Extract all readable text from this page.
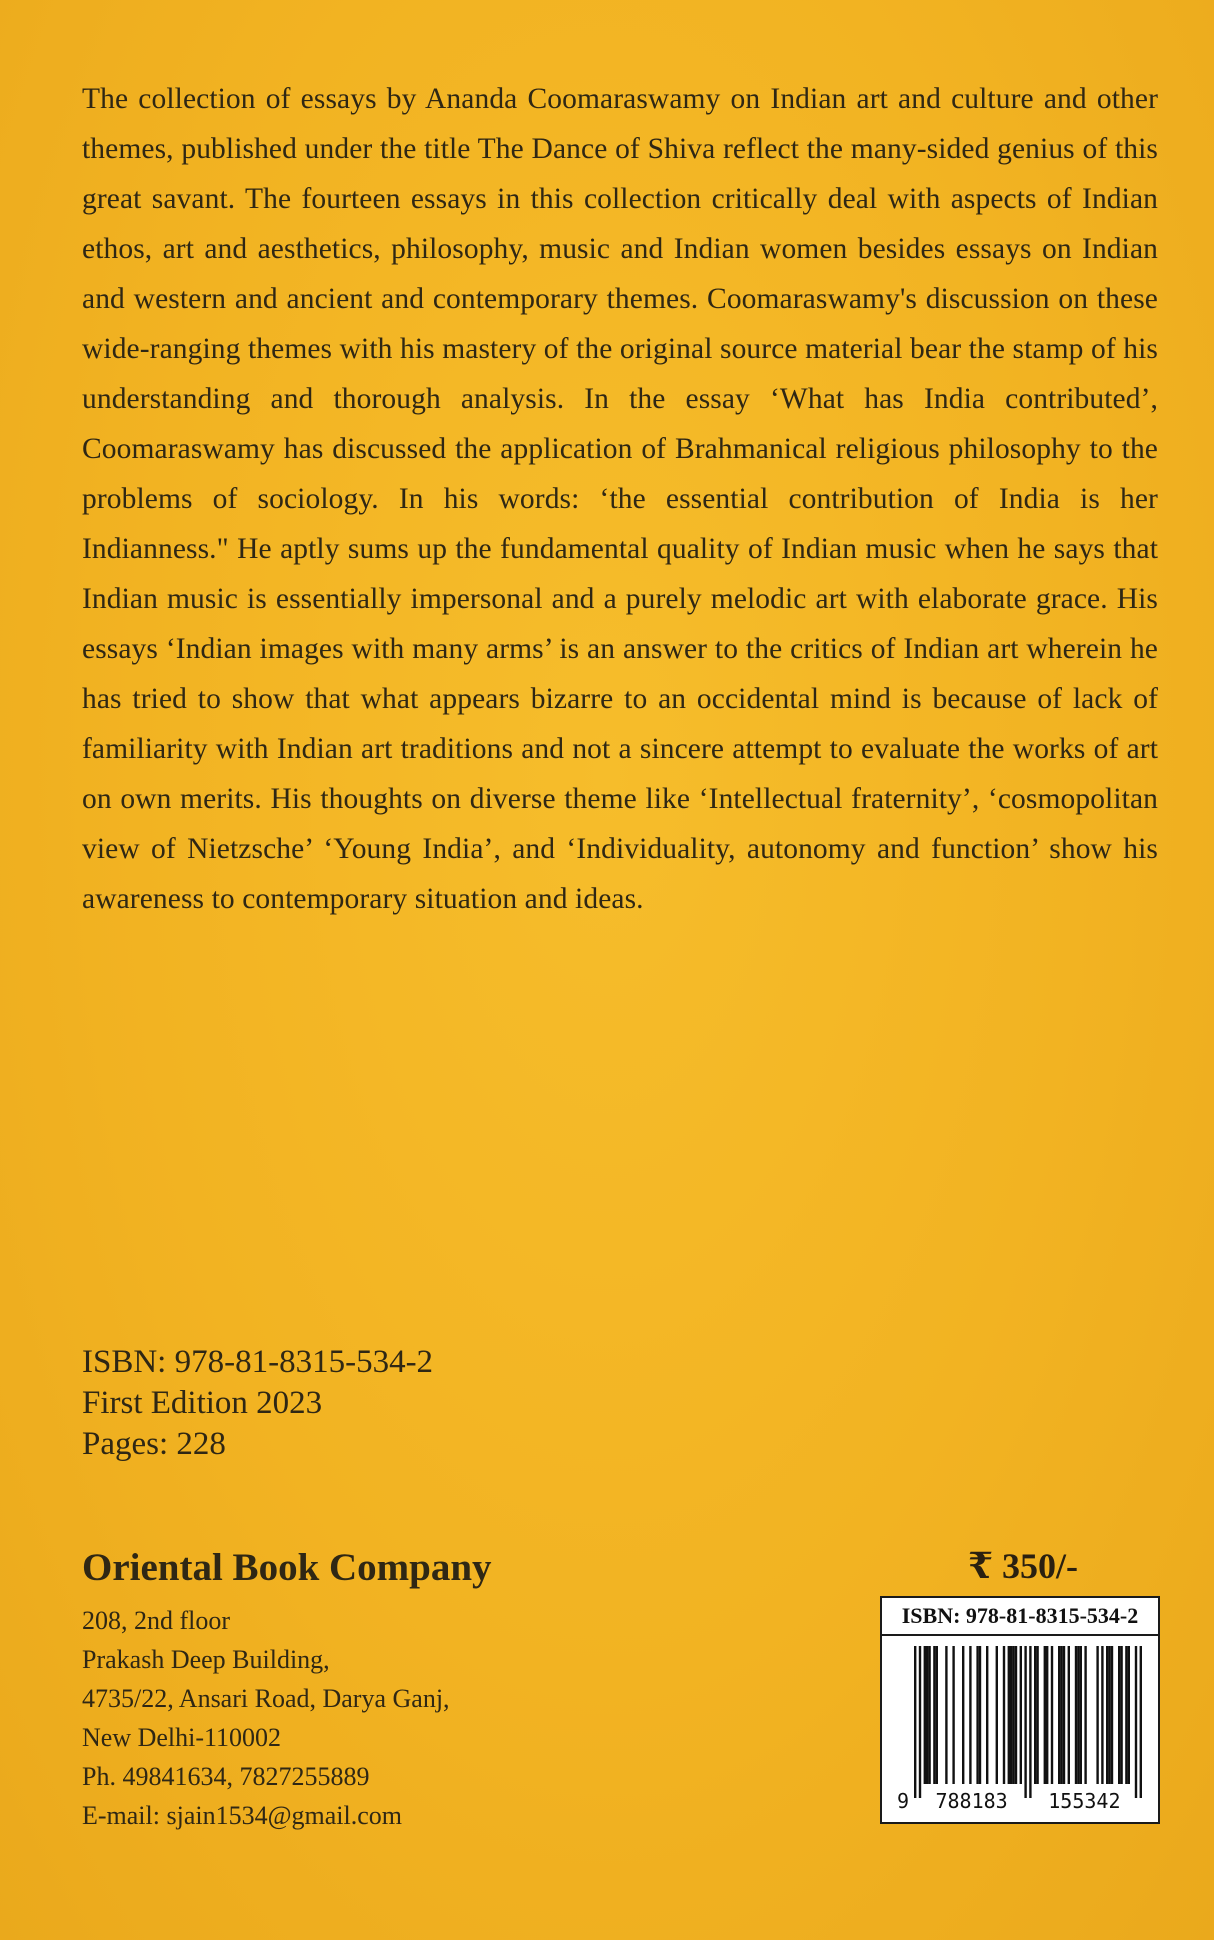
The collection of essays by Ananda Coomaraswamy on Indian art and culture and other themes, published under the title The Dance of Shiva reflect the many-sided genius of this great savant. The fourteen essays in this collection critically deal with aspects of Indian ethos, art and aesthetics, philosophy, music and Indian women besides essays on Indian and western and ancient and contemporary themes. Coomaraswamy's discussion on these wide-ranging themes with his mastery of the original source material bear the stamp of his understanding and thorough analysis. In the essay ‘What has India contributed’, Coomaraswamy has discussed the application of Brahmanical religious philosophy to the problems of sociology. In his words: ‘the essential contribution of India is her Indianness." He aptly sums up the fundamental quality of Indian music when he says that Indian music is essentially impersonal and a purely melodic art with elaborate grace. His essays ‘Indian images with many arms’ is an answer to the critics of Indian art wherein he has tried to show that what appears bizarre to an occidental mind is because of lack of familiarity with Indian art traditions and not a sincere attempt to evaluate the works of art on own merits. His thoughts on diverse theme like ‘Intellectual fraternity’, ‘cosmopolitan view of Nietzsche’ ‘Young India’, and ‘Individuality, autonomy and function’ show his awareness to contemporary situation and ideas.

ISBN: 978-81-8315-534-2
First Edition 2023
Pages: 228
Oriental Book Company
208, 2nd floor
Prakash Deep Building,
4735/22, Ansari Road, Darya Ganj,
New Delhi-110002
Ph. 49841634, 7827255889
E-mail: sjain1534@gmail.com
₹ 350/-
ISBN: 978-81-8315-534-2
9 788183 155342
